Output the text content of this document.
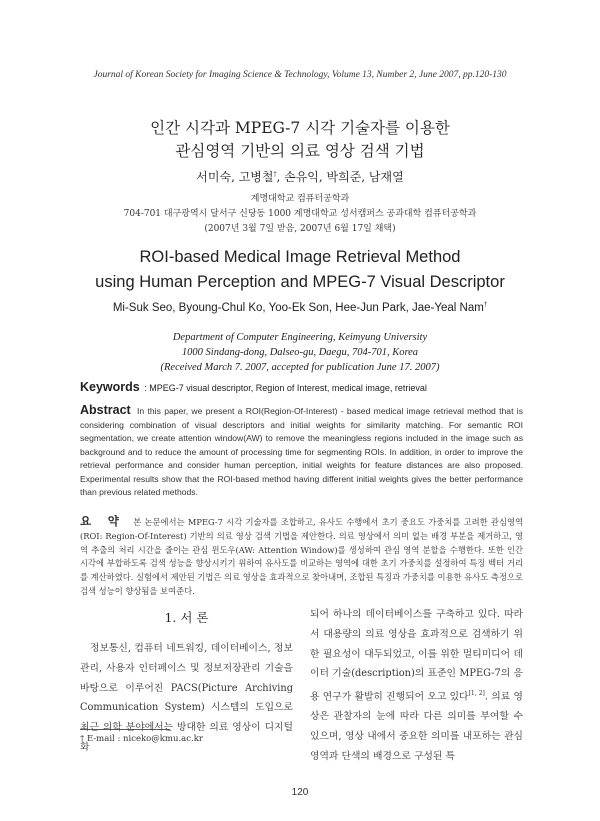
Journal of Korean Society for Imaging Science & Technology, Volume 13, Number 2, June 2007, pp.120-130
인간 시각과 MPEG-7 시각 기술자를 이용한
관심영역 기반의 의료 영상 검색 기법
서미숙, 고병철†, 손유익, 박희준, 남재열
계명대학교 컴퓨터공학과
704-701 대구광역시 달서구 신당동 1000 계명대학교 성서캠퍼스 공과대학 컴퓨터공학과
(2007년 3월 7일 받음, 2007년 6월 17일 채택)
ROI-based Medical Image Retrieval Method
using Human Perception and MPEG-7 Visual Descriptor
Mi-Suk Seo, Byoung-Chul Ko, Yoo-Ek Son, Hee-Jun Park, Jae-Yeal Nam†
Department of Computer Engineering, Keimyung University
1000 Sindang-dong, Dalseo-gu, Daegu, 704-701, Korea
(Received March 7. 2007, accepted for publication June 17. 2007)
Keywords : MPEG-7 visual descriptor, Region of Interest, medical image, retrieval
Abstract In this paper, we present a ROI(Region-Of-Interest) - based medical image retrieval method that is considering combination of visual descriptors and initial weights for similarity matching. For semantic ROI segmentation, we create attention window(AW) to remove the meaningless regions included in the image such as background and to reduce the amount of processing time for segmenting ROIs. In addition, in order to improve the retrieval performance and consider human perception, initial weights for feature distances are also proposed. Experimental results show that the ROI-based method having different initial weights gives the better performance than previous related methods.
요 약 본 논문에서는 MPEG-7 시각 기술자를 조합하고, 유사도 수행에서 초기 중요도 가중치를 고려한 관심영역(ROI: Region-Of-Interest) 기반의 의료 영상 검색 기법을 제안한다. 의료 영상에서 의미 없는 배경 부분을 제거하고, 영역 추출의 처리 시간을 줄이는 관심 윈도우(AW: Attention Window)를 생성하여 관심 영역 분할을 수행한다. 또한 인간 시각에 부합하도록 검색 성능을 향상시키기 위하여 유사도를 비교하는 영역에 대한 초기 가중치를 설정하여 특징 벡터 거리를 계산하였다. 실험에서 제안된 기법은 의료 영상을 효과적으로 찾아내며, 조합된 특징과 가중치를 이용한 유사도 측정으로 검색 성능이 향상됨을 보여준다.
1. 서 론
정보통신, 컴퓨터 네트워킹, 데이터베이스, 정보관리, 사용자 인터페이스 및 정보저장관리 기술을 바탕으로 이루어진 PACS(Picture Archiving Communication System) 시스템의 도입으로 최근 의학 분야에서는 방대한 의료 영상이 디지털화
되어 하나의 데이터베이스를 구축하고 있다. 따라서 대용량의 의료 영상을 효과적으로 검색하기 위한 필요성이 대두되었고, 이를 위한 멀티미디어 데이터 기술(description)의 표준인 MPEG-7의 응용 연구가 활발히 진행되어 오고 있다[1, 2]. 의료 영상은 관찰자의 눈에 따라 다른 의미를 부여할 수 있으며, 영상 내에서 중요한 의미를 내포하는 관심영역과 단색의 배경으로 구성된 특
† E-mail : niceko@kmu.ac.kr
120
